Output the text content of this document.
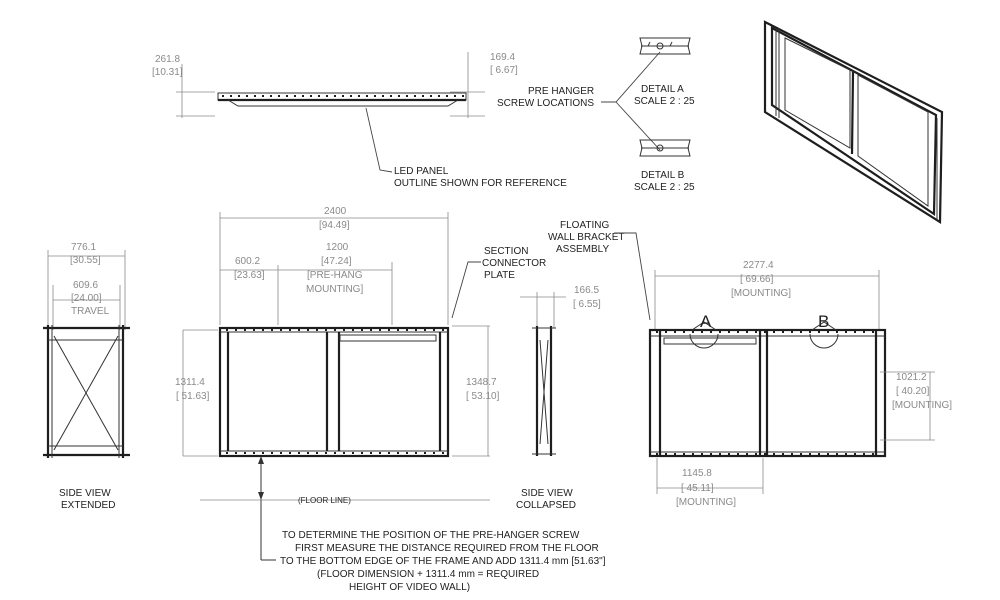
261.8
[10.31]
169.4
[ 6.67]
LED PANEL
OUTLINE SHOWN FOR REFERENCE
PRE HANGER
SCREW LOCATIONS
DETAIL A
SCALE 2 : 25
DETAIL B
SCALE 2 : 25
776.1
[30.55]
609.6
[24.00]
TRAVEL
SIDE VIEW
EXTENDED
2400
[94.49]
600.2
[23.63]
1200
[47.24]
[PRE-HANG
MOUNTING]
SECTION
CONNECTOR
PLATE
1311.4
[ 51.63]
1348.7
[ 53.10]
(FLOOR LINE)
166.5
[ 6.55]
SIDE VIEW
COLLAPSED
FLOATING
WALL BRACKET
ASSEMBLY
2277.4
[ 69.66]
[MOUNTING]
A	B
1021.2
[ 40.20]
[MOUNTING]
1145.8
[ 45.11]
[MOUNTING]
TO DETERMINE THE POSITION OF THE PRE-HANGER SCREW
FIRST MEASURE THE DISTANCE REQUIRED FROM THE FLOOR
TO THE BOTTOM EDGE OF THE FRAME AND ADD 1311.4 mm [51.63"]
(FLOOR DIMENSION + 1311.4 mm = REQUIRED
HEIGHT OF VIDEO WALL)
